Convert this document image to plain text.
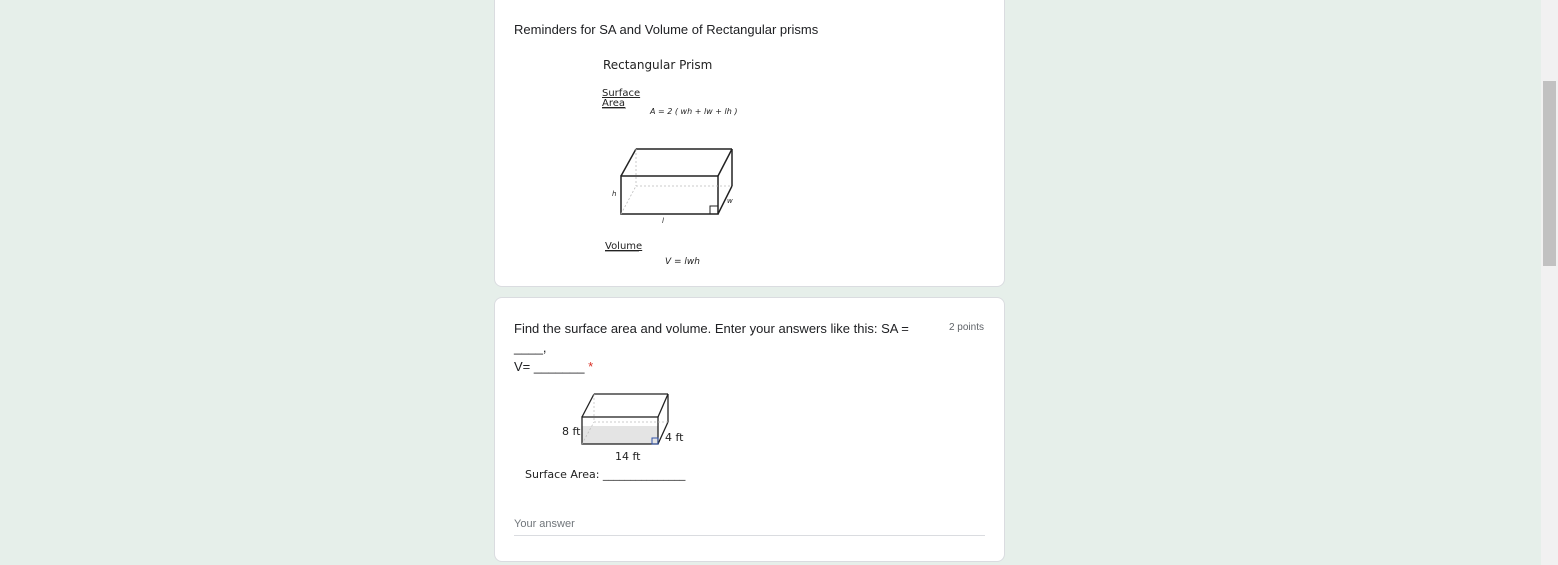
Reminders for SA and Volume of Rectangular prisms
Rectangular Prism
Surface
Area
A = 2 ( wh + lw + lh )
h
l
w
Volume
V = lwh
Find the surface area and volume. Enter your answers like this: SA = ____,
V= _______ *
2 points
8 ft	4 ft
14 ft
Surface Area: _______________
Your answer
